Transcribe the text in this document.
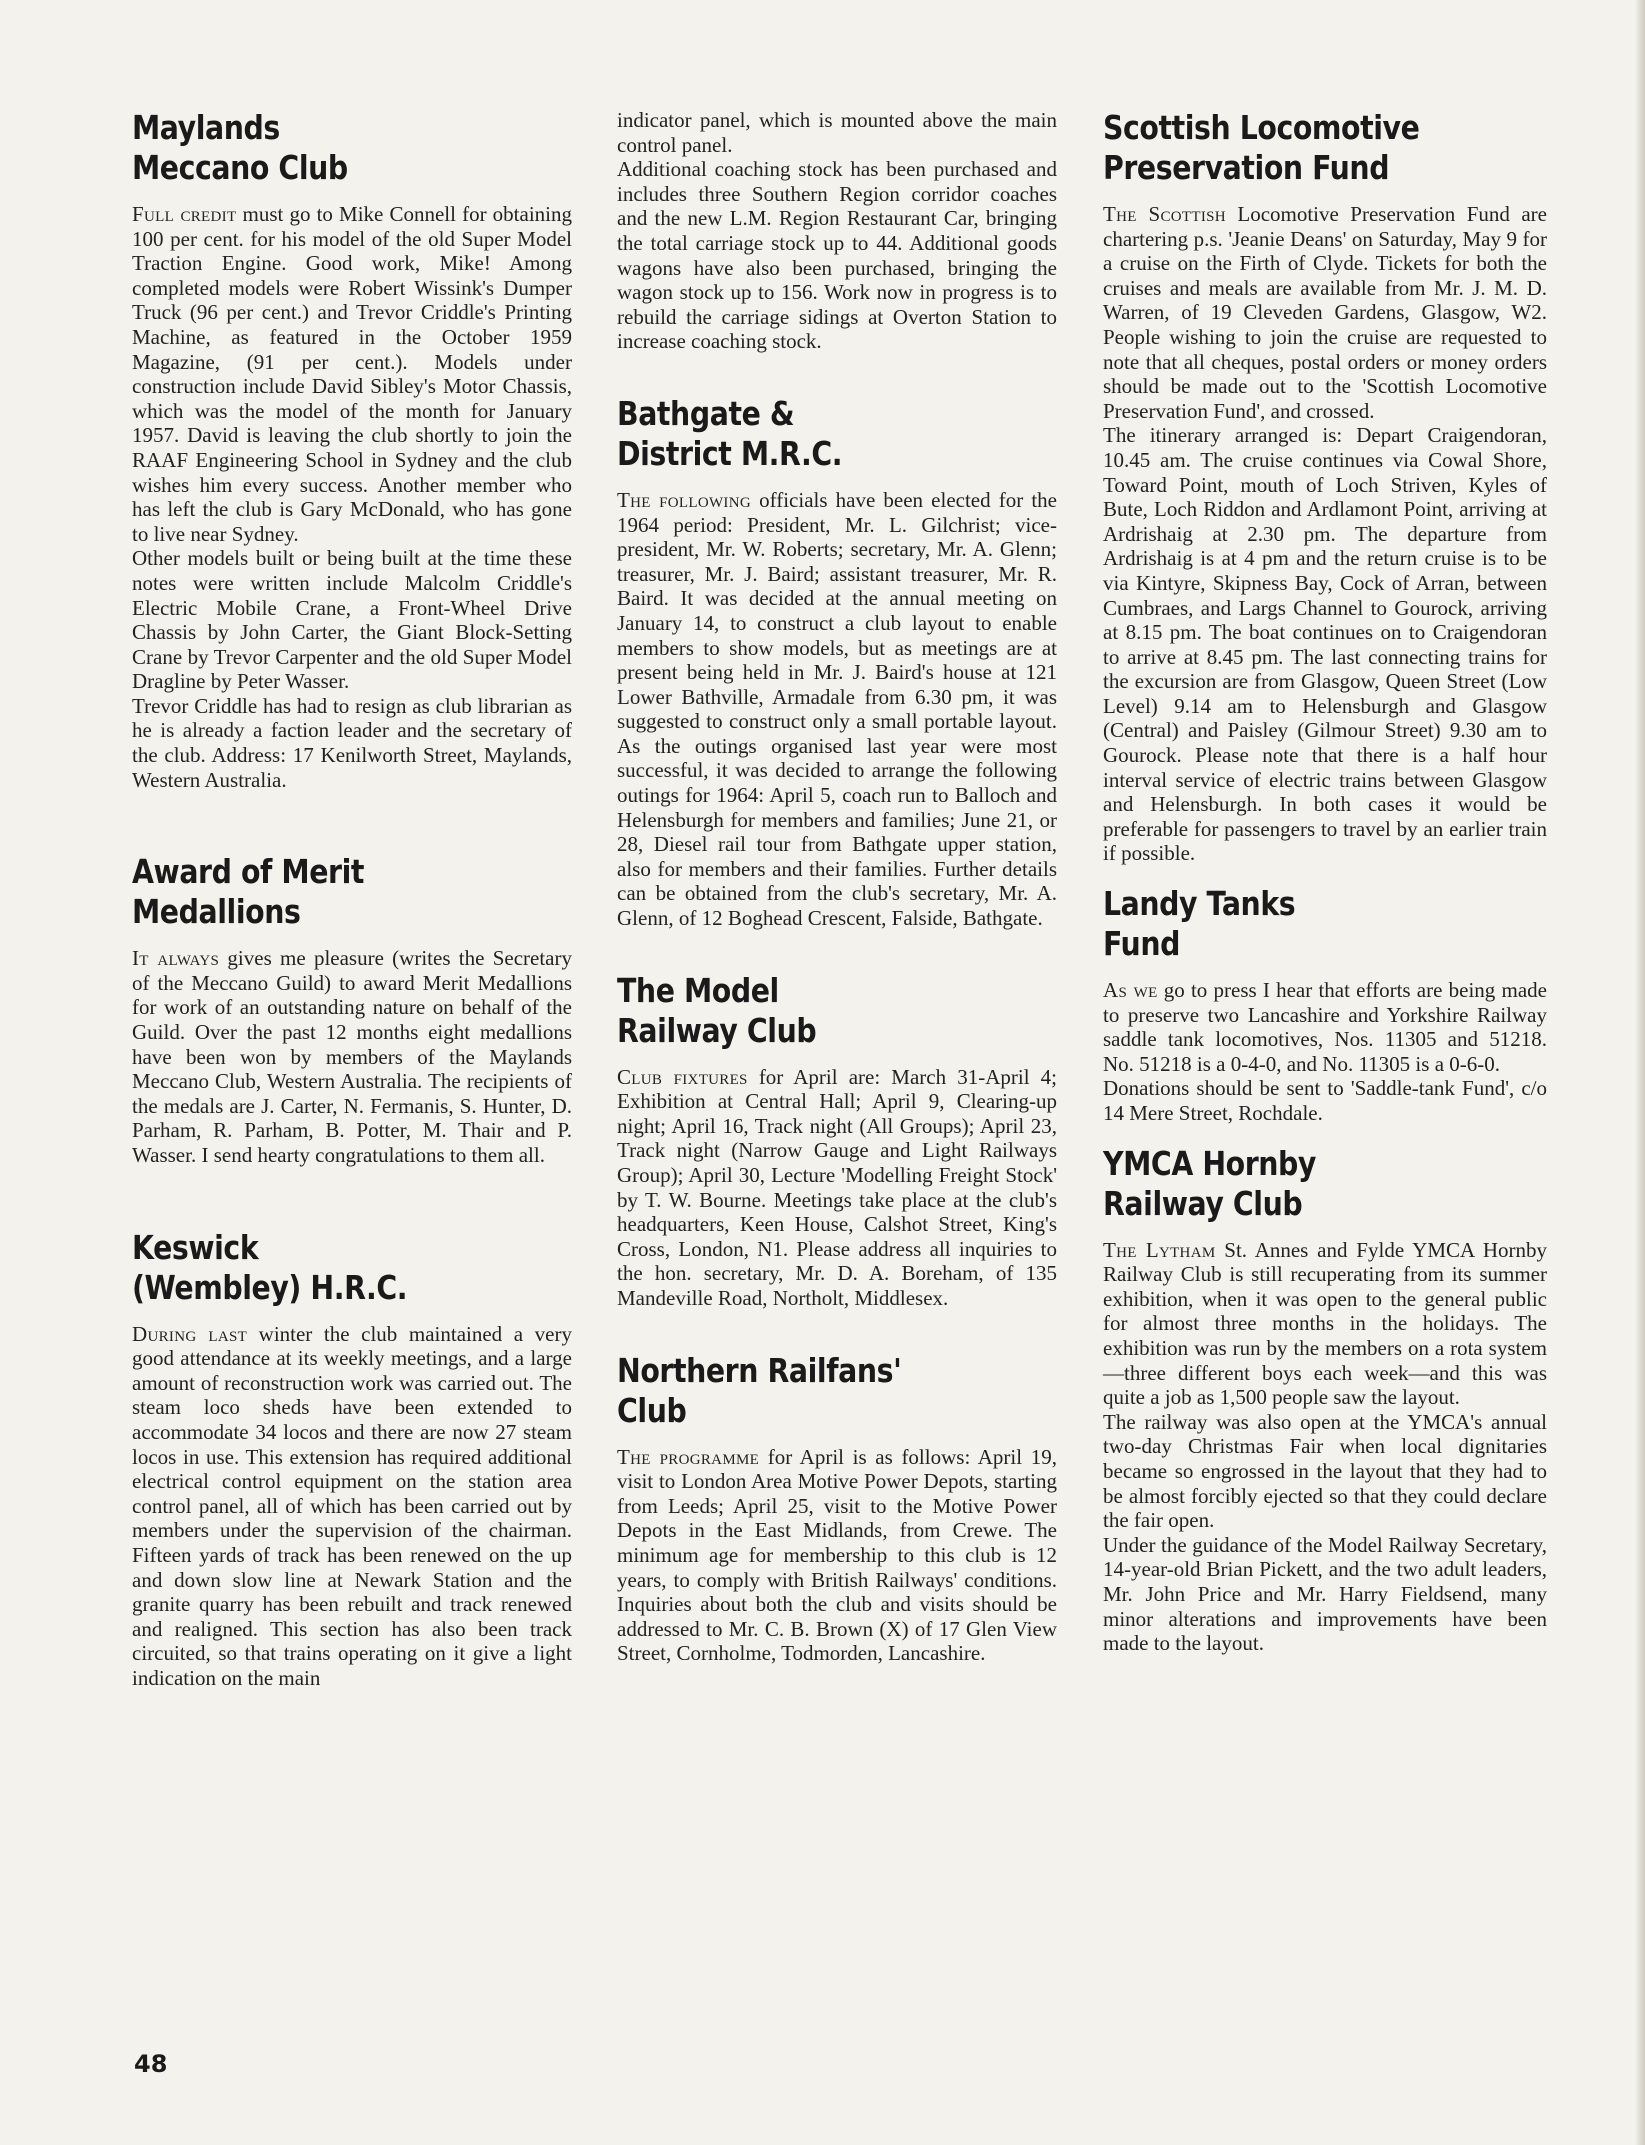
Maylands
Meccano Club

Full credit must go to Mike Connell for obtaining 100 per cent. for his model of the old Super Model Traction Engine. Good work, Mike! Among completed models were Robert Wissink's Dumper Truck (96 per cent.) and Trevor Criddle's Printing Machine, as featured in the October 1959 Magazine, (91 per cent.). Models under construction include David Sibley's Motor Chassis, which was the model of the month for January 1957. David is leaving the club shortly to join the RAAF Engineering School in Sydney and the club wishes him every success. Another member who has left the club is Gary McDonald, who has gone to live near Sydney.

Other models built or being built at the time these notes were written include Malcolm Criddle's Electric Mobile Crane, a Front-Wheel Drive Chassis by John Carter, the Giant Block-Setting Crane by Trevor Carpenter and the old Super Model Dragline by Peter Wasser.

Trevor Criddle has had to resign as club librarian as he is already a faction leader and the secretary of the club. Address: 17 Kenilworth Street, Maylands, Western Australia.

Award of Merit
Medallions

It always gives me pleasure (writes the Secretary of the Meccano Guild) to award Merit Medallions for work of an outstanding nature on behalf of the Guild. Over the past 12 months eight medallions have been won by members of the Maylands Meccano Club, Western Australia. The recipients of the medals are J. Carter, N. Fermanis, S. Hunter, D. Parham, R. Parham, B. Potter, M. Thair and P. Wasser. I send hearty congratulations to them all.

Keswick
(Wembley) H.R.C.

During last winter the club maintained a very good attendance at its weekly meetings, and a large amount of reconstruction work was carried out. The steam loco sheds have been extended to accommodate 34 locos and there are now 27 steam locos in use. This extension has required additional electrical control equipment on the station area control panel, all of which has been carried out by members under the supervision of the chairman. Fifteen yards of track has been renewed on the up and down slow line at Newark Station and the granite quarry has been rebuilt and track renewed and realigned. This section has also been track circuited, so that trains operating on it give a light indication on the main

indicator panel, which is mounted above the main control panel.

Additional coaching stock has been purchased and includes three Southern Region corridor coaches and the new L.M. Region Restaurant Car, bringing the total carriage stock up to 44. Additional goods wagons have also been purchased, bringing the wagon stock up to 156. Work now in progress is to rebuild the carriage sidings at Overton Station to increase coaching stock.

Bathgate &
District M.R.C.

The following officials have been elected for the 1964 period: President, Mr. L. Gilchrist; vice-president, Mr. W. Roberts; secretary, Mr. A. Glenn; treasurer, Mr. J. Baird; assistant treasurer, Mr. R. Baird. It was decided at the annual meeting on January 14, to construct a club layout to enable members to show models, but as meetings are at present being held in Mr. J. Baird's house at 121 Lower Bathville, Armadale from 6.30 pm, it was suggested to construct only a small portable layout. As the outings organised last year were most successful, it was decided to arrange the following outings for 1964: April 5, coach run to Balloch and Helensburgh for members and families; June 21, or 28, Diesel rail tour from Bathgate upper station, also for members and their families. Further details can be obtained from the club's secretary, Mr. A. Glenn, of 12 Boghead Crescent, Falside, Bathgate.

The Model
Railway Club

Club fixtures for April are: March 31-April 4; Exhibition at Central Hall; April 9, Clearing-up night; April 16, Track night (All Groups); April 23, Track night (Narrow Gauge and Light Railways Group); April 30, Lecture 'Modelling Freight Stock' by T. W. Bourne. Meetings take place at the club's headquarters, Keen House, Calshot Street, King's Cross, London, N1. Please address all inquiries to the hon. secretary, Mr. D. A. Boreham, of 135 Mandeville Road, Northolt, Middlesex.

Northern Railfans'
Club

The programme for April is as follows: April 19, visit to London Area Motive Power Depots, starting from Leeds; April 25, visit to the Motive Power Depots in the East Midlands, from Crewe. The minimum age for membership to this club is 12 years, to comply with British Railways' conditions. Inquiries about both the club and visits should be addressed to Mr. C. B. Brown (X) of 17 Glen View Street, Cornholme, Todmorden, Lancashire.

Scottish Locomotive
Preservation Fund

The Scottish Locomotive Preservation Fund are chartering p.s. 'Jeanie Deans' on Saturday, May 9 for a cruise on the Firth of Clyde. Tickets for both the cruises and meals are available from Mr. J. M. D. Warren, of 19 Cleveden Gardens, Glasgow, W2. People wishing to join the cruise are requested to note that all cheques, postal orders or money orders should be made out to the 'Scottish Locomotive Preservation Fund', and crossed.

The itinerary arranged is: Depart Craigendoran, 10.45 am. The cruise continues via Cowal Shore, Toward Point, mouth of Loch Striven, Kyles of Bute, Loch Riddon and Ardlamont Point, arriving at Ardrishaig at 2.30 pm. The departure from Ardrishaig is at 4 pm and the return cruise is to be via Kintyre, Skipness Bay, Cock of Arran, between Cumbraes, and Largs Channel to Gourock, arriving at 8.15 pm. The boat continues on to Craigendoran to arrive at 8.45 pm. The last connecting trains for the excursion are from Glasgow, Queen Street (Low Level) 9.14 am to Helensburgh and Glasgow (Central) and Paisley (Gilmour Street) 9.30 am to Gourock. Please note that there is a half hour interval service of electric trains between Glasgow and Helensburgh. In both cases it would be preferable for passengers to travel by an earlier train if possible.

Landy Tanks
Fund

As we go to press I hear that efforts are being made to preserve two Lancashire and Yorkshire Railway saddle tank locomotives, Nos. 11305 and 51218. No. 51218 is a 0-4-0, and No. 11305 is a 0-6-0.

Donations should be sent to 'Saddle-tank Fund', c/o 14 Mere Street, Rochdale.

YMCA Hornby
Railway Club

The Lytham St. Annes and Fylde YMCA Hornby Railway Club is still recuperating from its summer exhibition, when it was open to the general public for almost three months in the holidays. The exhibition was run by the members on a rota system—three different boys each week—and this was quite a job as 1,500 people saw the layout.

The railway was also open at the YMCA's annual two-day Christmas Fair when local dignitaries became so engrossed in the layout that they had to be almost forcibly ejected so that they could declare the fair open.

Under the guidance of the Model Railway Secretary, 14-year-old Brian Pickett, and the two adult leaders, Mr. John Price and Mr. Harry Fieldsend, many minor alterations and improvements have been made to the layout.

48
